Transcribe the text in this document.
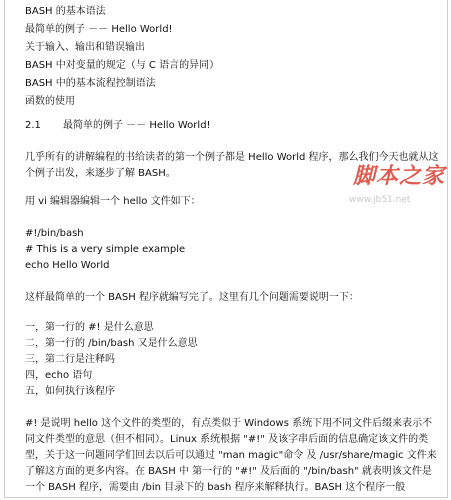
BASH 的基本语法
最简单的例子 －－ Hello World!
关于输入、输出和错误输出
BASH 中对变量的规定（与 C 语言的异同）
BASH 中的基本流程控制语法
函数的使用
2.1 最简单的例子 －－ Hello World!
几乎所有的讲解编程的书给读者的第一个例子都是 Hello World 程序，那么我们今天也就从这个例子出发，来逐步了解 BASH。
用 vi 编辑器编辑一个 hello 文件如下：
#!/bin/bash
# This is a very simple example
echo Hello World
这样最简单的一个 BASH 程序就编写完了。这里有几个问题需要说明一下：
一，第一行的 #! 是什么意思
二，第一行的 /bin/bash 又是什么意思
三，第二行是注释吗
四，echo 语句
五，如何执行该程序
#! 是说明 hello 这个文件的类型的，有点类似于 Windows 系统下用不同文件后缀来表示不同文件类型的意思（但不相同）。Linux 系统根据 "#!" 及该字串后面的信息确定该文件的类型，关于这一问题同学们回去以后可以通过 "man magic"命令 及 /usr/share/magic 文件来了解这方面的更多内容。在 BASH 中 第一行的 "#!" 及后面的 "/bin/bash" 就表明该文件是一个 BASH 程序，需要由 /bin 目录下的 bash 程序来解释执行。BASH 这个程序一般
脚本之家
www.jb51.net
